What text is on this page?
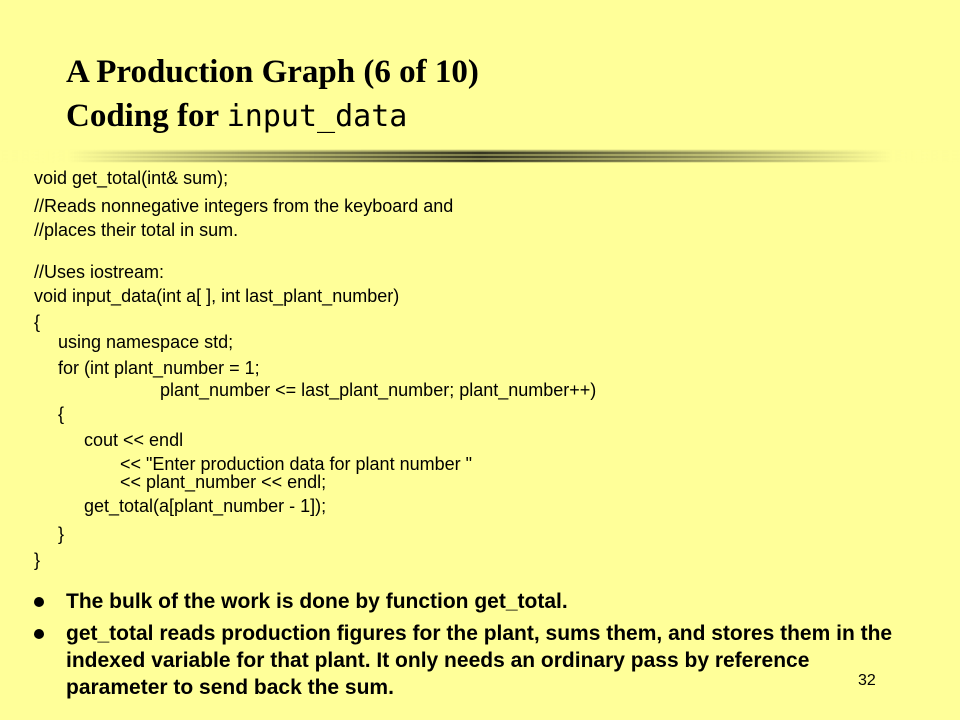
A Production Graph (6 of 10)
Coding for input_data
void get_total(int& sum);
//Reads nonnegative integers from the keyboard and
//places their total in sum.
//Uses iostream:
void input_data(int a[ ], int last_plant_number)
{
using namespace std;
for (int plant_number = 1;
plant_number <= last_plant_number; plant_number++)
{
cout << endl
<< "Enter production data for plant number "
<< plant_number << endl;
get_total(a[plant_number - 1]);
}
}
The bulk of the work is done by function get_total.
get_total reads production figures for the plant, sums them, and stores them in the indexed variable for that plant. It only needs an ordinary pass by reference parameter to send back the sum.	32
